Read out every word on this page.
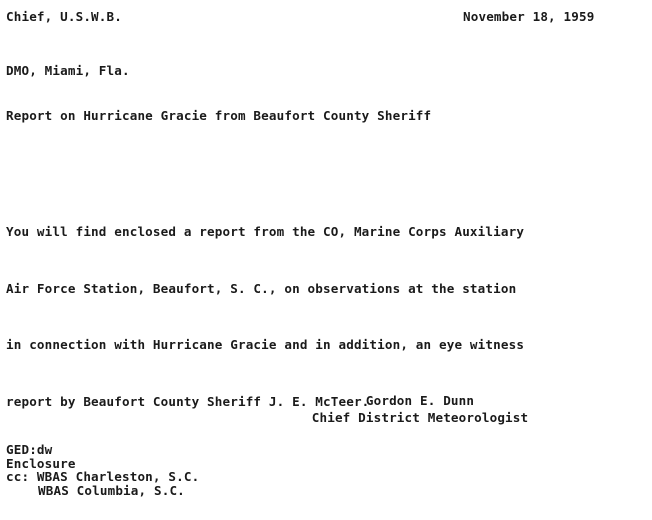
Chief, U.S.W.B.	November 18, 1959
DMO, Miami, Fla.
Report on Hurricane Gracie from Beaufort County Sheriff

You will find enclosed a report from the CO, Marine Corps Auxiliary

Air Force Station, Beaufort, S. C., on observations at the station

in connection with Hurricane Gracie and in addition, an eye witness

report by Beaufort County Sheriff J. E. McTeer.

Gordon E. Dunn
Chief District Meteorologist
GED:dw
Enclosure
cc: WBAS Charleston, S.C.
WBAS Columbia, S.C.
